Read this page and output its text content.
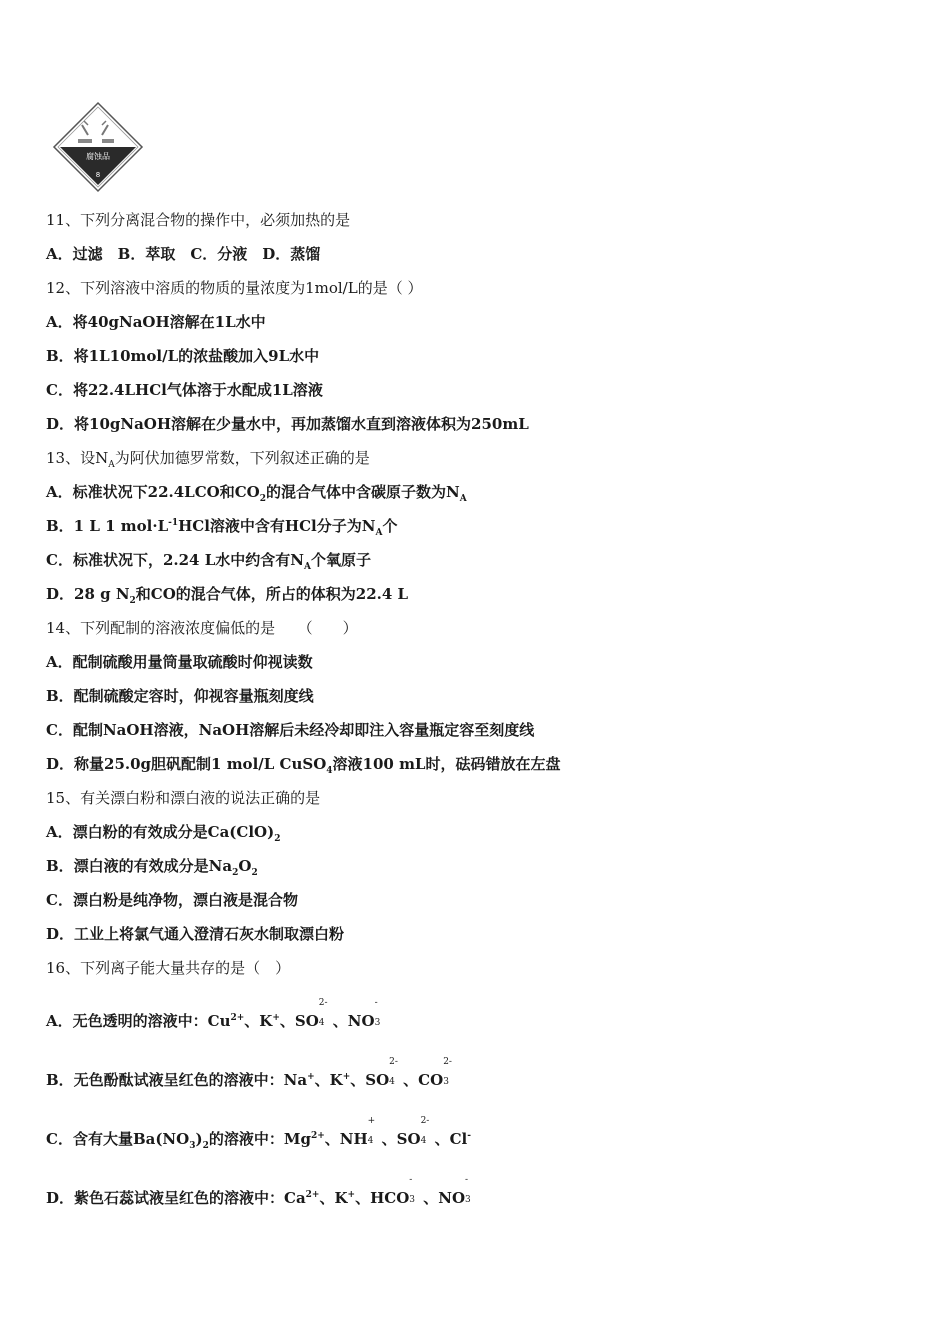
腐蚀品
8
11、下列分离混合物的操作中，必须加热的是
A．过滤　B．萃取　C．分液　D．蒸馏
12、下列溶液中溶质的物质的量浓度为1mol/L的是（ ）
A．将40gNaOH溶解在1L水中
B．将1L10mol/L的浓盐酸加入9L水中
C．将22.4LHCl气体溶于水配成1L溶液
D．将10gNaOH溶解在少量水中，再加蒸馏水直到溶液体积为250mL
13、设$N_A$为阿伏加德罗常数，下列叙述正确的是
A．标准状况下22.4LCO和$CO_2$的混合气体中含碳原子数为$N_A$
B．1 L 1 $mol\cdot L^{-1}HCl$溶液中含有HCl分子为$N_A$个
C．标准状况下，2.24 L水中约含有$N_A$个氧原子
D．28 g $N_2$和CO的混合气体，所占的体积为22.4 L
14、下列配制的溶液浓度偏低的是　　（　　）
A．配制硫酸用量筒量取硫酸时仰视读数
B．配制硫酸定容时，仰视容量瓶刻度线
C．配制NaOH溶液，NaOH溶解后未经冷却即注入容量瓶定容至刻度线
D．称量25.0g胆矾配制1 mol/L CuSO$_4$溶液100 mL时，砝码错放在左盘
15、有关漂白粉和漂白液的说法正确的是
A．漂白粉的有效成分是$Ca(ClO)_2$
B．漂白液的有效成分是$Na_2O_2$
C．漂白粉是纯净物，漂白液是混合物
D．工业上将氯气通入澄清石灰水制取漂白粉
16、下列离子能大量共存的是（　）
A．无色透明的溶液中：$Cu^{2+}$、K+、SO
2-
4 、NO
-
3
B．无色酚酞试液呈红色的溶液中：Na+、K+、SO
2-
4 、CO
2-
3
C．含有大量$Ba(NO_3)_2$的溶液中：$Mg^{2+}$、NH
+
4 、SO
2-
4 、Cl-
D．紫色石蕊试液呈红色的溶液中：$Ca^{2+}$、K+、HCO
-
3 、NO
-
3
